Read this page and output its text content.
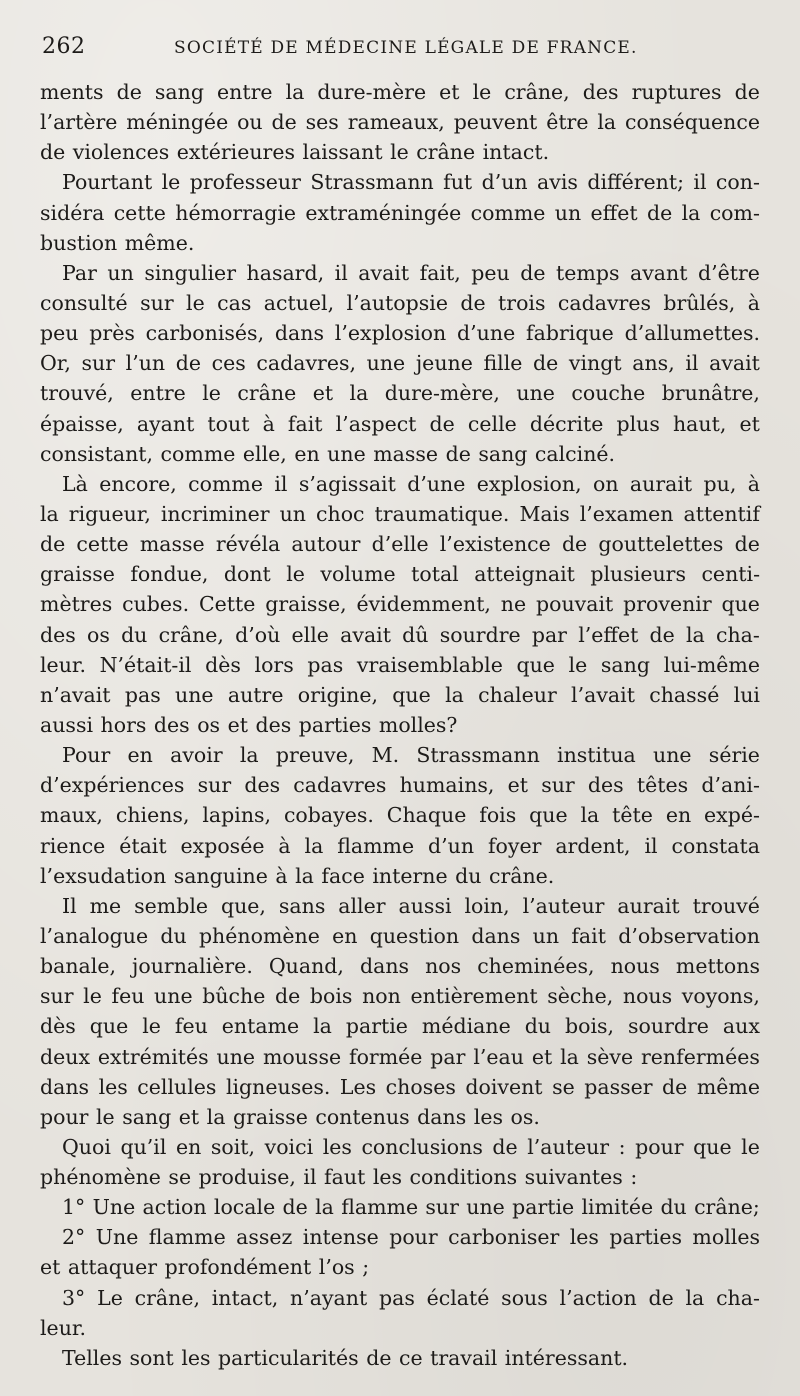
262	SOCIÉTÉ DE MÉDECINE LÉGALE DE FRANCE.
ments de sang entre la dure-mère et le crâne, des ruptures de
l’artère méningée ou de ses rameaux, peuvent être la conséquence
de violences extérieures laissant le crâne intact.
Pourtant le professeur Strassmann fut d’un avis différent; il con-
sidéra cette hémorragie extraméningée comme un effet de la com-
bustion même.
Par un singulier hasard, il avait fait, peu de temps avant d’être
consulté sur le cas actuel, l’autopsie de trois cadavres brûlés, à
peu près carbonisés, dans l’explosion d’une fabrique d’allumettes.
Or, sur l’un de ces cadavres, une jeune fille de vingt ans, il avait
trouvé, entre le crâne et la dure-mère, une couche brunâtre,
épaisse, ayant tout à fait l’aspect de celle décrite plus haut, et
consistant, comme elle, en une masse de sang calciné.
Là encore, comme il s’agissait d’une explosion, on aurait pu, à
la rigueur, incriminer un choc traumatique. Mais l’examen attentif
de cette masse révéla autour d’elle l’existence de gouttelettes de
graisse fondue, dont le volume total atteignait plusieurs centi-
mètres cubes. Cette graisse, évidemment, ne pouvait provenir que
des os du crâne, d’où elle avait dû sourdre par l’effet de la cha-
leur. N’était-il dès lors pas vraisemblable que le sang lui-même
n’avait pas une autre origine, que la chaleur l’avait chassé lui
aussi hors des os et des parties molles?
Pour en avoir la preuve, M. Strassmann institua une série
d’expériences sur des cadavres humains, et sur des têtes d’ani-
maux, chiens, lapins, cobayes. Chaque fois que la tête en expé-
rience était exposée à la flamme d’un foyer ardent, il constata
l’exsudation sanguine à la face interne du crâne.
Il me semble que, sans aller aussi loin, l’auteur aurait trouvé
l’analogue du phénomène en question dans un fait d’observation
banale, journalière. Quand, dans nos cheminées, nous mettons
sur le feu une bûche de bois non entièrement sèche, nous voyons,
dès que le feu entame la partie médiane du bois, sourdre aux
deux extrémités une mousse formée par l’eau et la sève renfermées
dans les cellules ligneuses. Les choses doivent se passer de même
pour le sang et la graisse contenus dans les os.
Quoi qu’il en soit, voici les conclusions de l’auteur : pour que le
phénomène se produise, il faut les conditions suivantes :
1° Une action locale de la flamme sur une partie limitée du crâne;
2° Une flamme assez intense pour carboniser les parties molles
et attaquer profondément l’os ;
3° Le crâne, intact, n’ayant pas éclaté sous l’action de la cha-
leur.
Telles sont les particularités de ce travail intéressant.
